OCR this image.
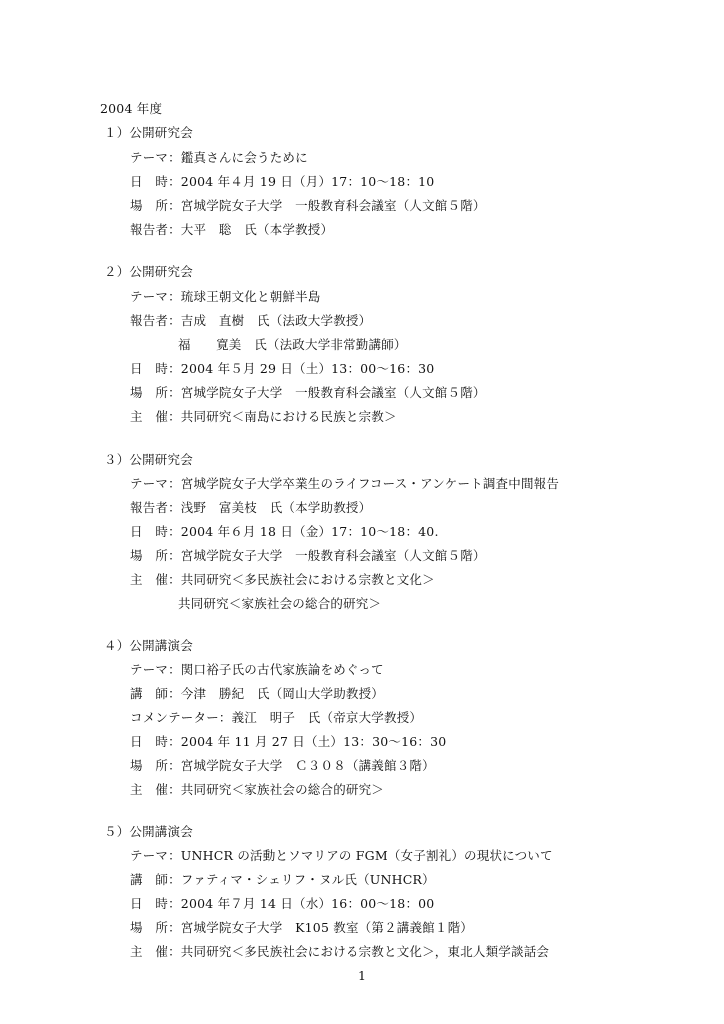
2004 年度
１）公開研究会
テーマ：鑑真さんに会うために
日　時：2004 年４月 19 日（月）17：10〜18：10
場　所：宮城学院女子大学　一般教育科会議室（人文館５階）
報告者：大平　聡　氏（本学教授）
２）公開研究会
テーマ：琉球王朝文化と朝鮮半島
報告者：吉成　直樹　氏（法政大学教授）
福　　寛美　氏（法政大学非常勤講師）
日　時：2004 年５月 29 日（土）13：00〜16：30
場　所：宮城学院女子大学　一般教育科会議室（人文館５階）
主　催：共同研究＜南島における民族と宗教＞
３）公開研究会
テーマ：宮城学院女子大学卒業生のライフコース・アンケート調査中間報告
報告者：浅野　富美枝　氏（本学助教授）
日　時：2004 年６月 18 日（金）17：10〜18：40.
場　所：宮城学院女子大学　一般教育科会議室（人文館５階）
主　催：共同研究＜多民族社会における宗教と文化＞
共同研究＜家族社会の総合的研究＞
４）公開講演会
テーマ：関口裕子氏の古代家族論をめぐって
講　師：今津　勝紀　氏（岡山大学助教授）
コメンテーター：義江　明子　氏（帝京大学教授）
日　時：2004 年 11 月 27 日（土）13：30〜16：30
場　所：宮城学院女子大学　Ｃ３０８（講義館３階）
主　催：共同研究＜家族社会の総合的研究＞
５）公開講演会
テーマ：UNHCR の活動とソマリアの FGM（女子割礼）の現状について
講　師：ファティマ・シェリフ・ヌル氏（UNHCR）
日　時：2004 年７月 14 日（水）16：00〜18：00
場　所：宮城学院女子大学　K105 教室（第２講義館１階）
主　催：共同研究＜多民族社会における宗教と文化＞，東北人類学談話会
1
